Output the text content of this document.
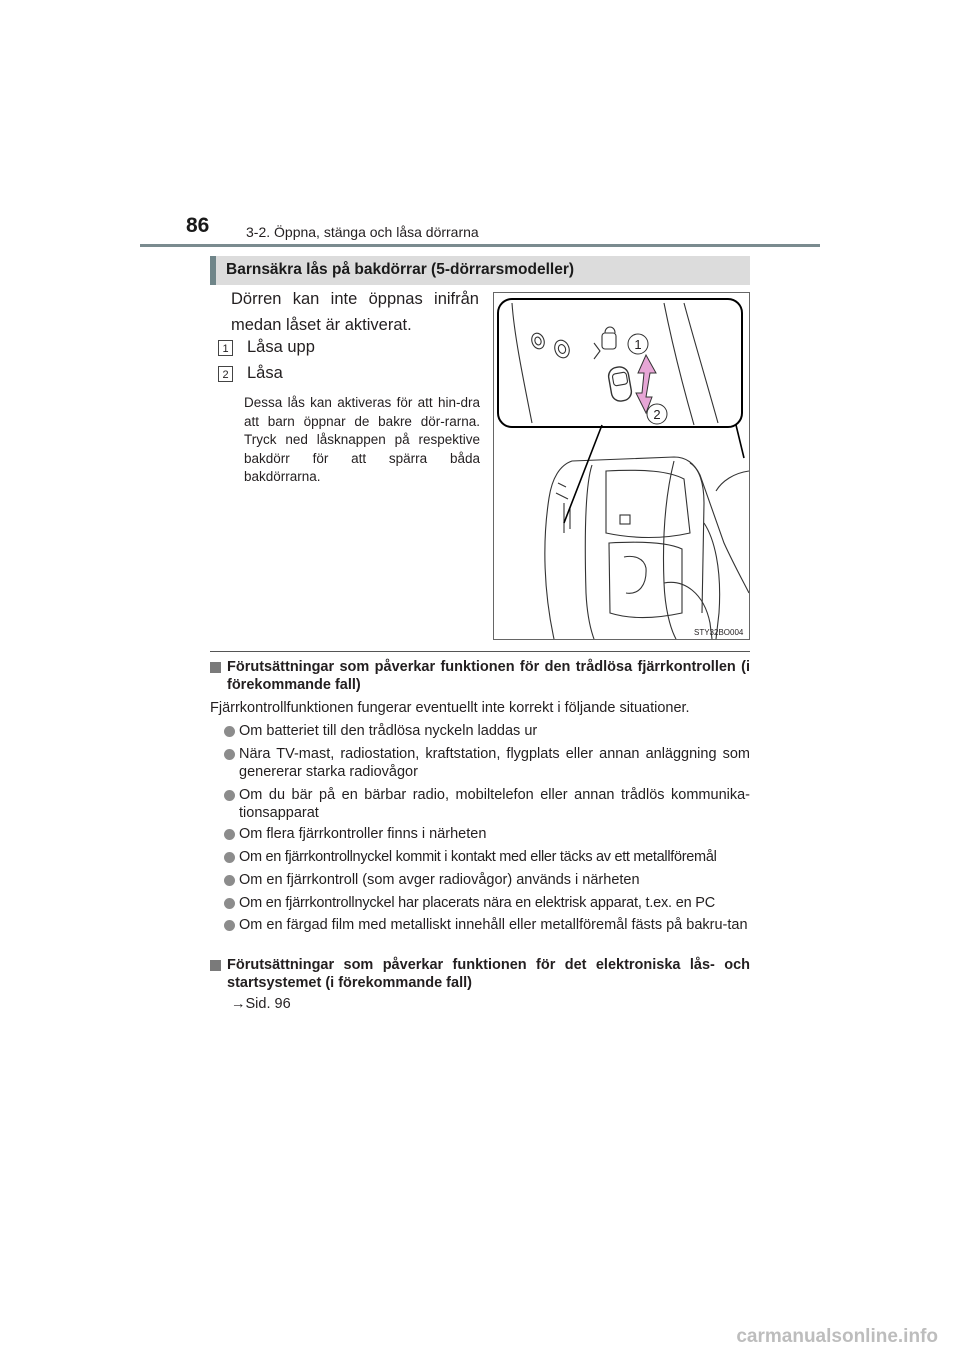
86	3-2. Öppna, stänga och låsa dörrarna
Barnsäkra lås på bakdörrar (5-dörrarsmodeller)
Dörren kan inte öppnas inifrån medan låset är aktiverat.
1 Låsa upp
2 Låsa
Dessa lås kan aktiveras för att hin-dra att barn öppnar de bakre dör-rarna. Tryck ned låsknappen på respektive bakdörr för att spärra båda bakdörrarna.
1
2
STY32BO004
Förutsättningar som påverkar funktionen för den trådlösa fjärrkontrollen (i förekommande fall)
Fjärrkontrollfunktionen fungerar eventuellt inte korrekt i följande situationer.
Om batteriet till den trådlösa nyckeln laddas ur
Nära TV-mast, radiostation, kraftstation, flygplats eller annan anläggning som genererar starka radiovågor
Om du bär på en bärbar radio, mobiltelefon eller annan trådlös kommunika-tionsapparat
Om flera fjärrkontroller finns i närheten
Om en fjärrkontrollnyckel kommit i kontakt med eller täcks av ett metallföremål
Om en fjärrkontroll (som avger radiovågor) används i närheten
Om en fjärrkontrollnyckel har placerats nära en elektrisk apparat, t.ex. en PC
Om en färgad film med metalliskt innehåll eller metallföremål fästs på bakru-tan
Förutsättningar som påverkar funktionen för det elektroniska lås- och startsystemet (i förekommande fall)
→Sid. 96
carmanualsonline.info
